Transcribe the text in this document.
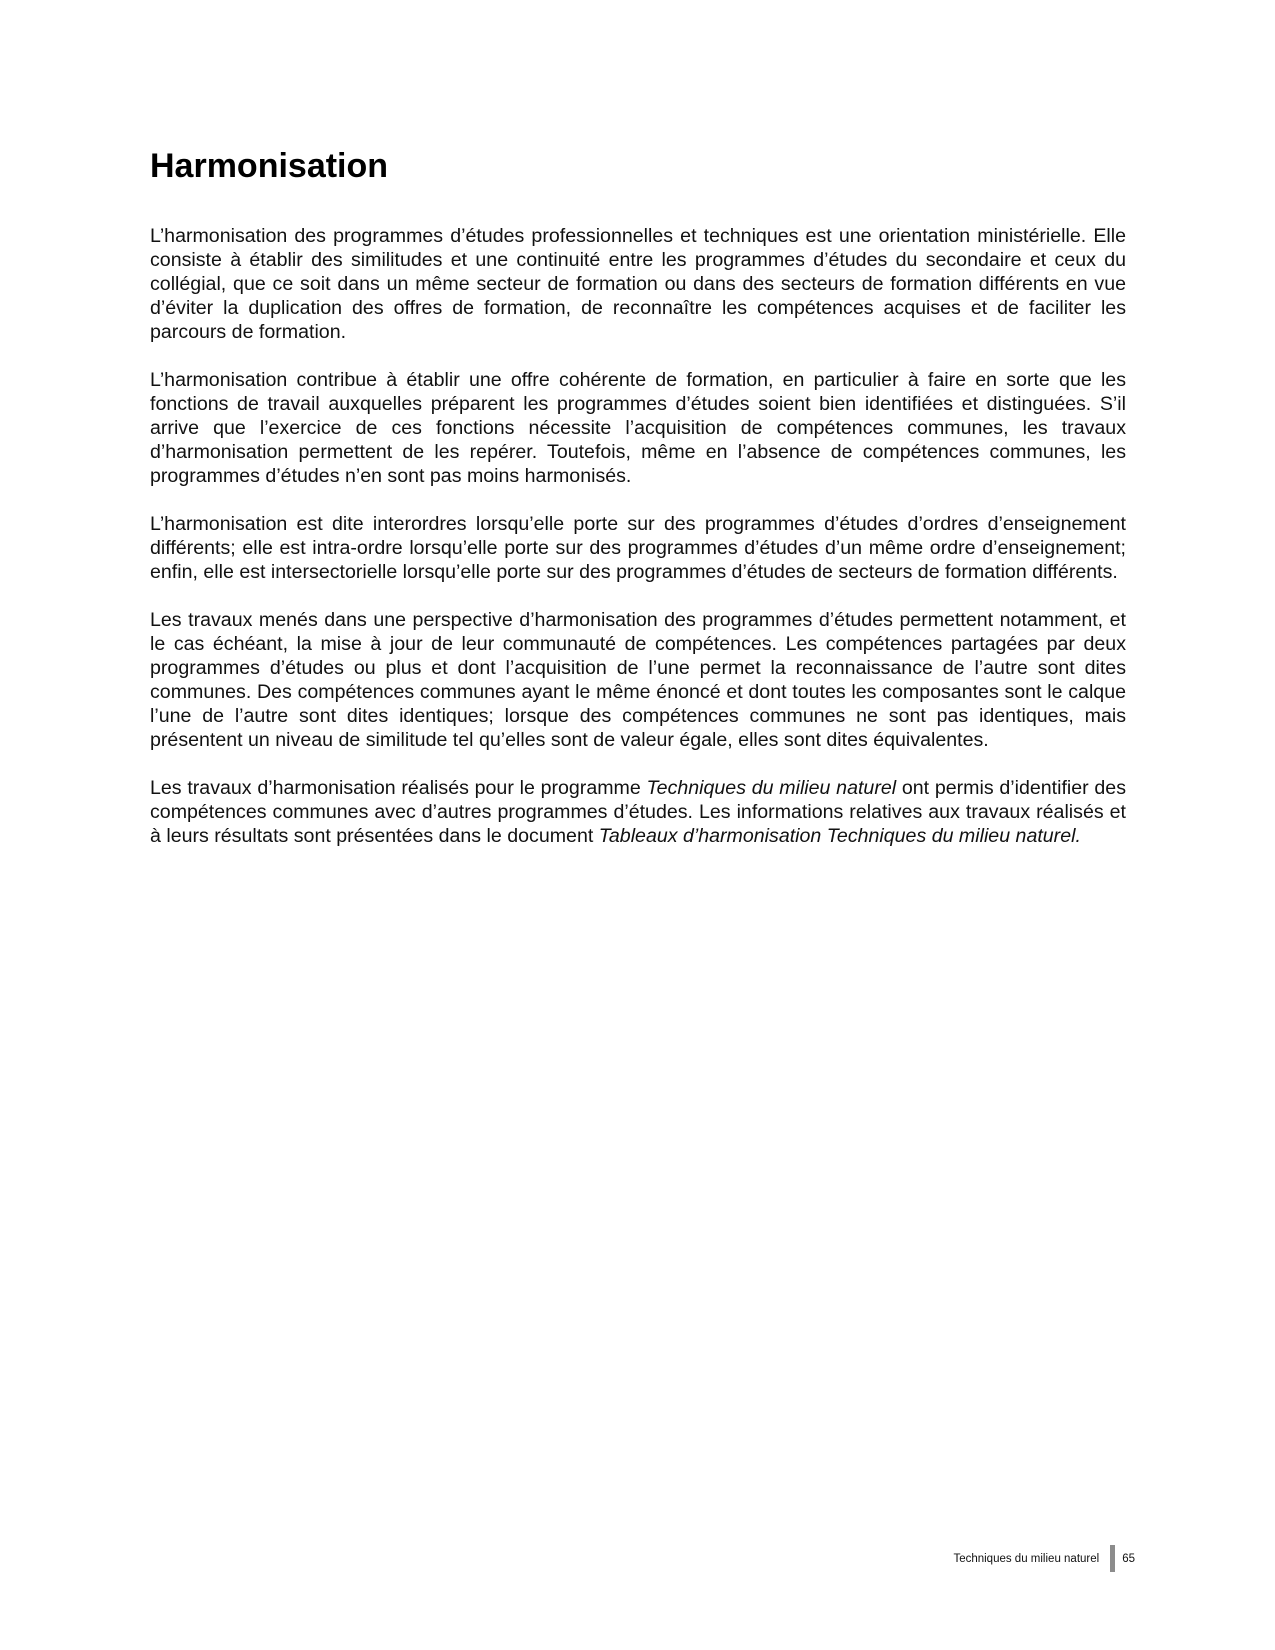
Harmonisation

L’harmonisation des programmes d’études professionnelles et techniques est une orientation ministérielle. Elle consiste à établir des similitudes et une continuité entre les programmes d’études du secondaire et ceux du collégial, que ce soit dans un même secteur de formation ou dans des secteurs de formation différents en vue d’éviter la duplication des offres de formation, de reconnaître les compétences acquises et de faciliter les parcours de formation.

L’harmonisation contribue à établir une offre cohérente de formation, en particulier à faire en sorte que les fonctions de travail auxquelles préparent les programmes d’études soient bien identifiées et distinguées. S’il arrive que l’exercice de ces fonctions nécessite l’acquisition de compétences communes, les travaux d’harmonisation permettent de les repérer. Toutefois, même en l’absence de compétences communes, les programmes d’études n’en sont pas moins harmonisés.

L’harmonisation est dite interordres lorsqu’elle porte sur des programmes d’études d’ordres d’enseignement différents; elle est intra-ordre lorsqu’elle porte sur des programmes d’études d’un même ordre d’enseignement; enfin, elle est intersectorielle lorsqu’elle porte sur des programmes d’études de secteurs de formation différents.

Les travaux menés dans une perspective d’harmonisation des programmes d’études permettent notamment, et le cas échéant, la mise à jour de leur communauté de compétences. Les compétences partagées par deux programmes d’études ou plus et dont l’acquisition de l’une permet la reconnaissance de l’autre sont dites communes. Des compétences communes ayant le même énoncé et dont toutes les composantes sont le calque l’une de l’autre sont dites identiques; lorsque des compétences communes ne sont pas identiques, mais présentent un niveau de similitude tel qu’elles sont de valeur égale, elles sont dites équivalentes.

Les travaux d’harmonisation réalisés pour le programme Techniques du milieu naturel ont permis d’identifier des compétences communes avec d’autres programmes d’études. Les informations relatives aux travaux réalisés et à leurs résultats sont présentées dans le document Tableaux d’harmonisation Techniques du milieu naturel.

Techniques du milieu naturel 65
